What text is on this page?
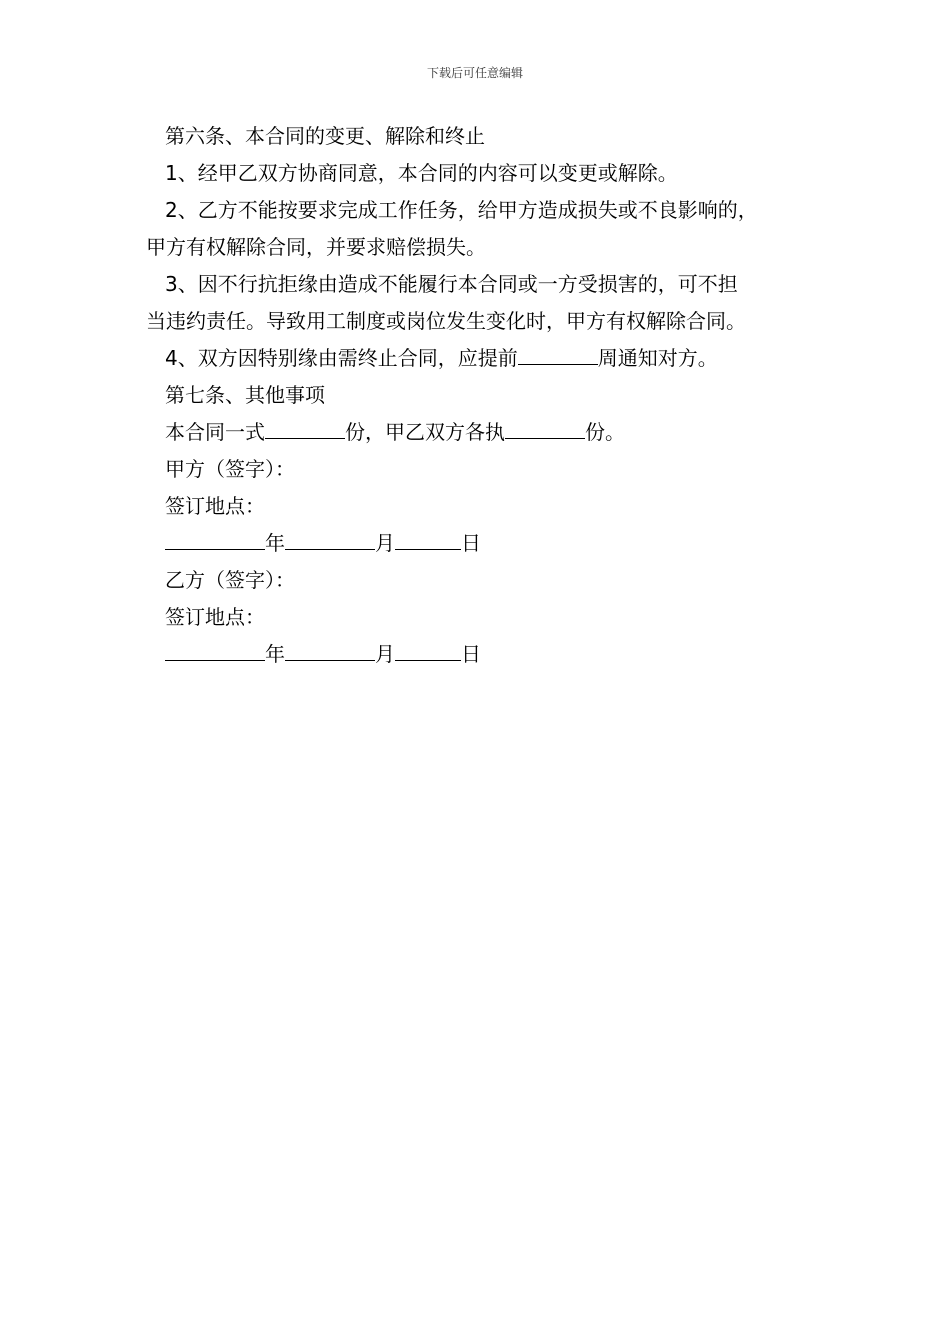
下载后可任意编辑
第六条、本合同的变更、解除和终止
1、经甲乙双方协商同意，本合同的内容可以变更或解除。
2、乙方不能按要求完成工作任务，给甲方造成损失或不良影响的，
甲方有权解除合同，并要求赔偿损失。
3、因不行抗拒缘由造成不能履行本合同或一方受损害的，可不担
当违约责任。导致用工制度或岗位发生变化时，甲方有权解除合同。
4、双方因特别缘由需终止合同，应提前	周通知对方。
第七条、其他事项
本合同一式	份，甲乙双方各执	份。
甲方（签字）：
签订地点：
年	月	日
乙方（签字）：
签订地点：
年	月	日
